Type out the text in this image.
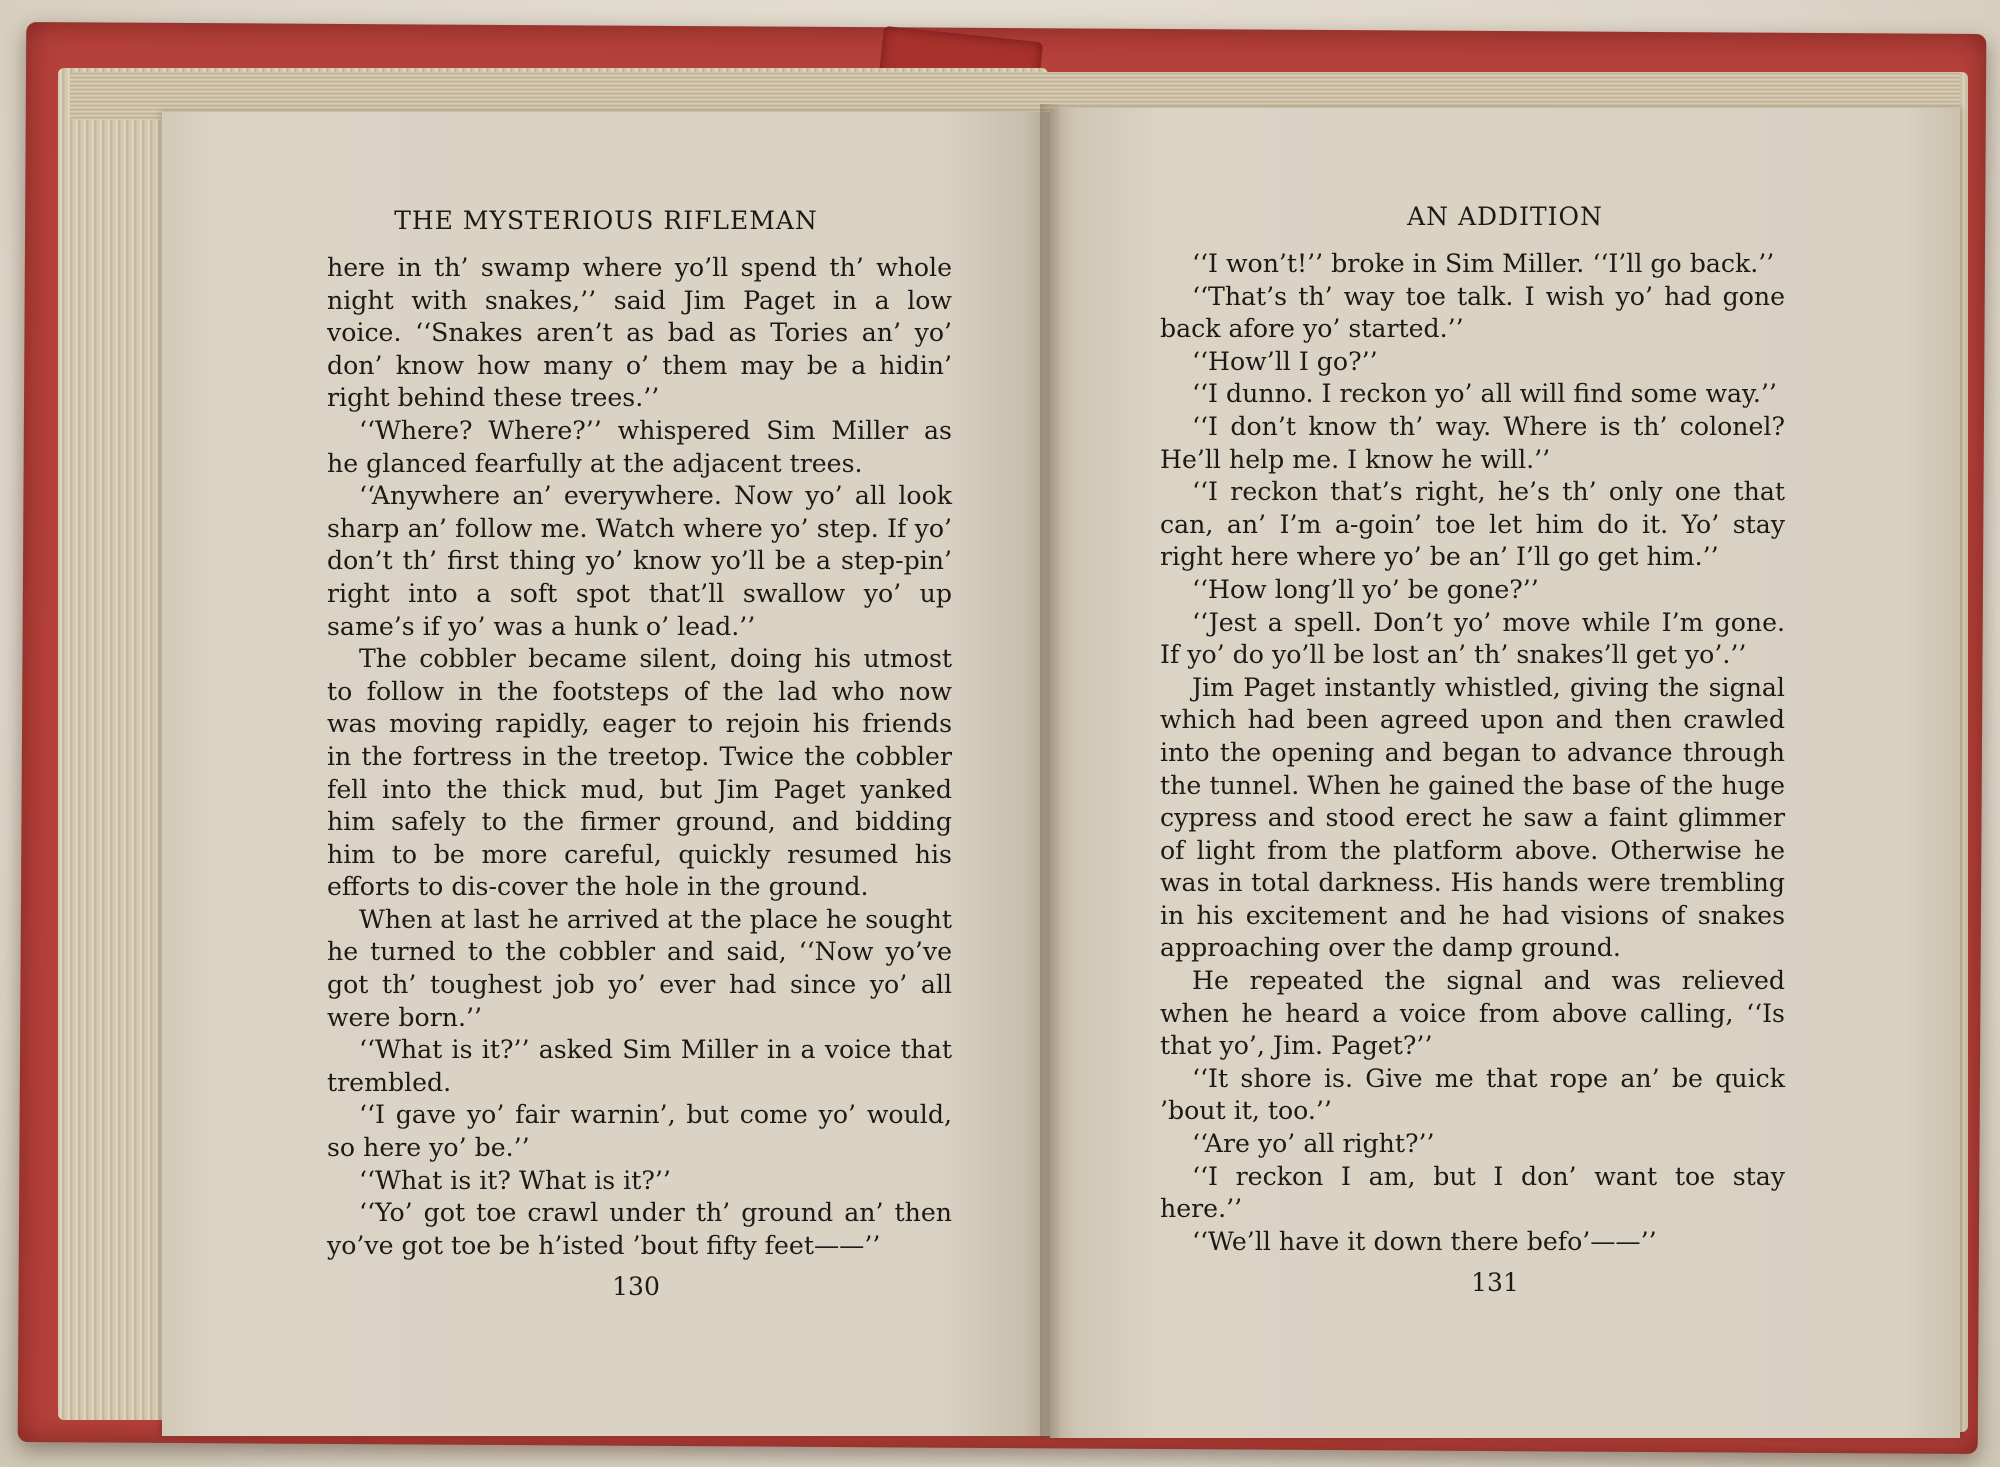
THE MYSTERIOUS RIFLEMAN

here in th’ swamp where yo’ll spend th’ whole night with snakes,’’ said Jim Paget in a low voice. ‘‘Snakes aren’t as bad as Tories an’ yo’ don’ know how many o’ them may be a hidin’ right behind these trees.’’

‘‘Where? Where?’’ whispered Sim Miller as he glanced fearfully at the adjacent trees.

‘‘Anywhere an’ everywhere. Now yo’ all look sharp an’ follow me. Watch where yo’ step. If yo’ don’t th’ first thing yo’ know yo’ll be a step-pin’ right into a soft spot that’ll swallow yo’ up same’s if yo’ was a hunk o’ lead.’’

The cobbler became silent, doing his utmost to follow in the footsteps of the lad who now was moving rapidly, eager to rejoin his friends in the fortress in the treetop. Twice the cobbler fell into the thick mud, but Jim Paget yanked him safely to the firmer ground, and bidding him to be more careful, quickly resumed his efforts to dis-cover the hole in the ground.

When at last he arrived at the place he sought he turned to the cobbler and said, ‘‘Now yo’ve got th’ toughest job yo’ ever had since yo’ all were born.’’

‘‘What is it?’’ asked Sim Miller in a voice that trembled.

‘‘I gave yo’ fair warnin’, but come yo’ would, so here yo’ be.’’

‘‘What is it? What is it?’’

‘‘Yo’ got toe crawl under th’ ground an’ then yo’ve got toe be h’isted ’bout fifty feet——’’

130
AN ADDITION

‘‘I won’t!’’ broke in Sim Miller. ‘‘I’ll go back.’’

‘‘That’s th’ way toe talk. I wish yo’ had gone back afore yo’ started.’’

‘‘How’ll I go?’’

‘‘I dunno. I reckon yo’ all will find some way.’’

‘‘I don’t know th’ way. Where is th’ colonel? He’ll help me. I know he will.’’

‘‘I reckon that’s right, he’s th’ only one that can, an’ I’m a-goin’ toe let him do it. Yo’ stay right here where yo’ be an’ I’ll go get him.’’

‘‘How long’ll yo’ be gone?’’

‘‘Jest a spell. Don’t yo’ move while I’m gone. If yo’ do yo’ll be lost an’ th’ snakes’ll get yo’.’’

Jim Paget instantly whistled, giving the signal which had been agreed upon and then crawled into the opening and began to advance through the tunnel. When he gained the base of the huge cypress and stood erect he saw a faint glimmer of light from the platform above. Otherwise he was in total darkness. His hands were trembling in his excitement and he had visions of snakes approaching over the damp ground.

He repeated the signal and was relieved when he heard a voice from above calling, ‘‘Is that yo’, Jim. Paget?’’

‘‘It shore is. Give me that rope an’ be quick ’bout it, too.’’

‘‘Are yo’ all right?’’

‘‘I reckon I am, but I don’ want toe stay here.’’

‘‘We’ll have it down there befo’——’’

131
